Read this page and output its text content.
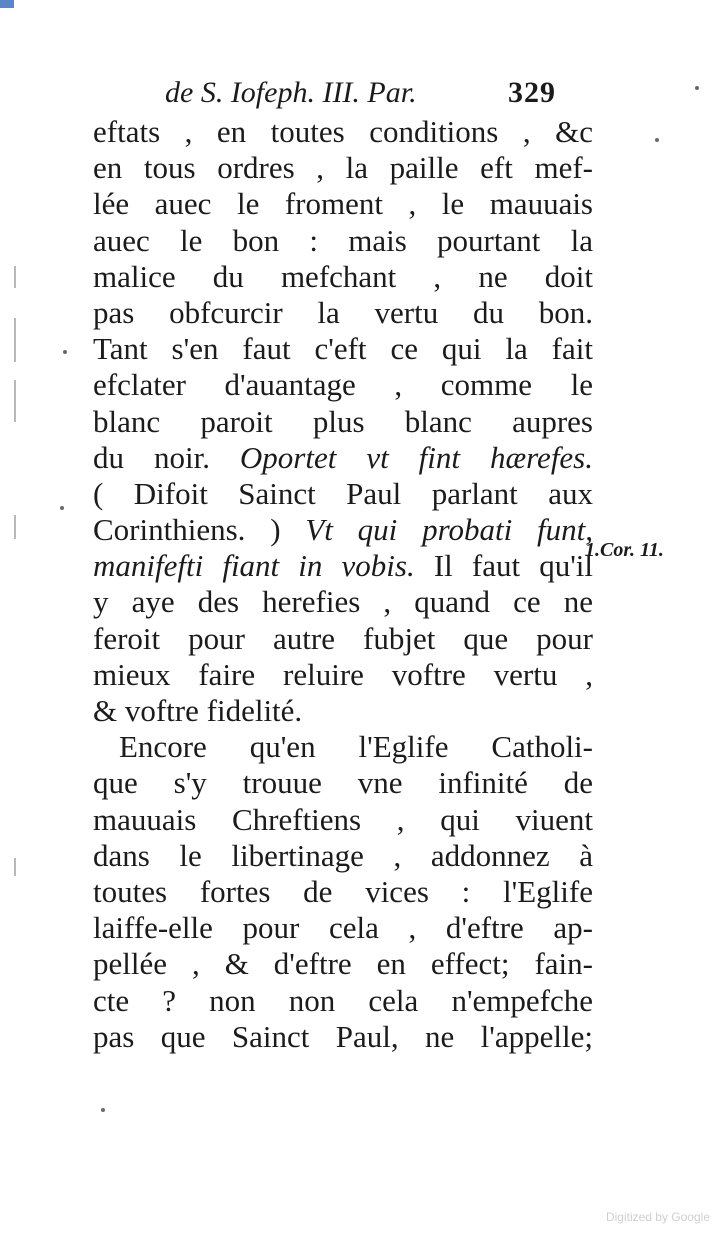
de S. Iofeph. III. Par.	329
eftats , en toutes conditions , &c
en tous ordres , la paille eft mef-
lée auec le froment , le mauuais
auec le bon : mais pourtant la
malice du mefchant , ne doit
pas obfcurcir la vertu du bon.
Tant s'en faut c'eft ce qui la fait
efclater d'auantage , comme le
blanc paroit plus blanc aupres
du noir. Oportet vt fint hærefes.
( Difoit Sainct Paul parlant aux
Corinthiens. ) Vt qui probati funt,
manifefti fiant in vobis. Il faut qu'il
y aye des herefies , quand ce ne
feroit pour autre fubjet que pour
mieux faire reluire voftre vertu ,
& voftre fidelité.
Encore qu'en l'Eglife Catholi-
que s'y trouue vne infinité de
mauuais Chreftiens , qui viuent
dans le libertinage , addonnez à
toutes fortes de vices : l'Eglife
laiffe-elle pour cela , d'eftre ap-
pellée , & d'eftre en effect; fain-
cte ? non non cela n'empefche
pas que Sainct Paul, ne l'appelle;
1.Cor. 11.
Digitized by Google
